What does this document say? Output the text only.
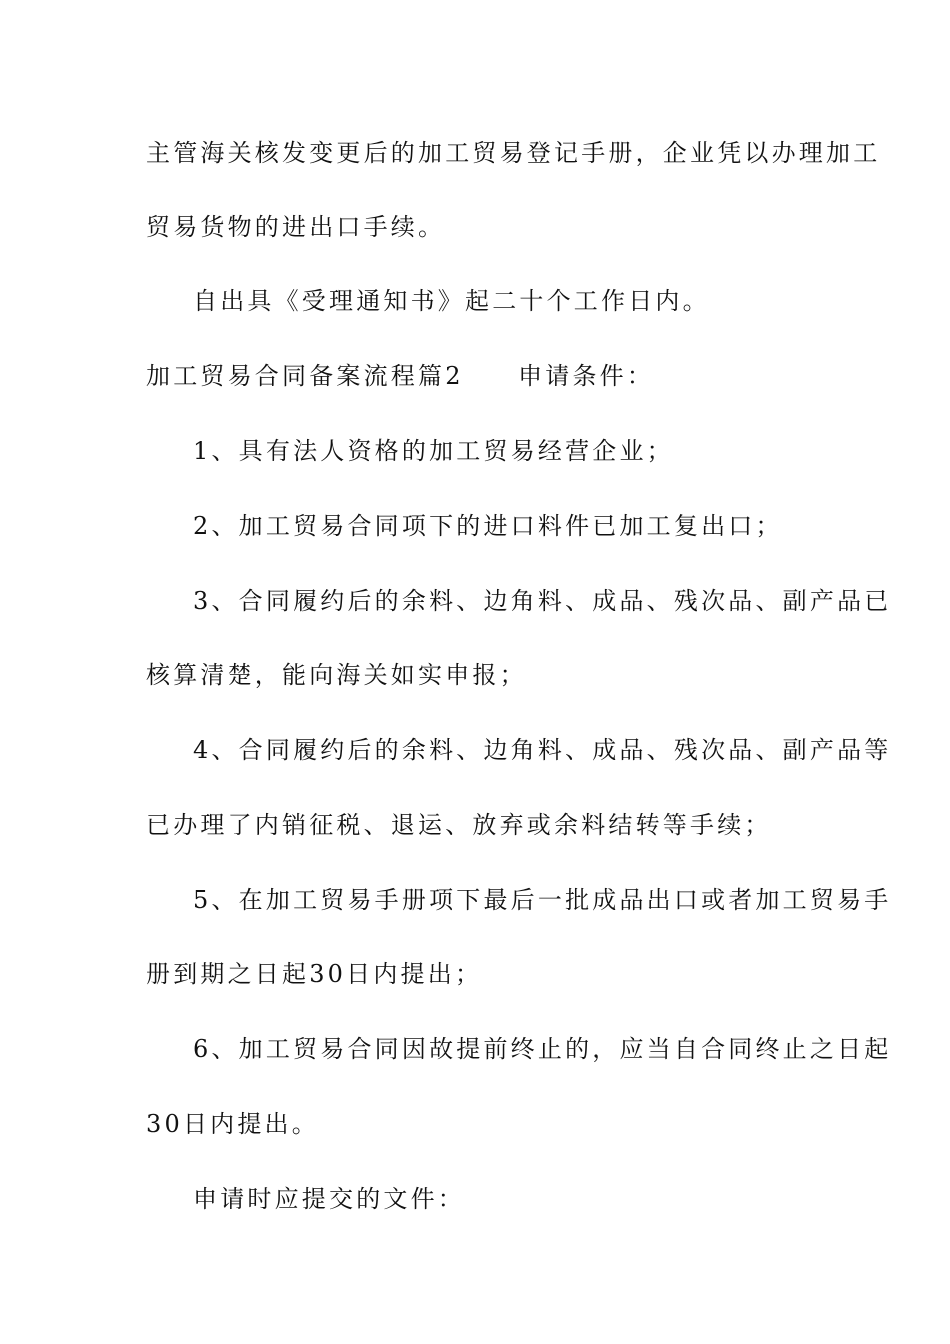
主管海关核发变更后的加工贸易登记手册，企业凭以办理加工
贸易货物的进出口手续。
自出具《受理通知书》起二十个工作日内。
加工贸易合同备案流程篇2　　申请条件：
1、具有法人资格的加工贸易经营企业；
2、加工贸易合同项下的进口料件已加工复出口；
3、合同履约后的余料、边角料、成品、残次品、副产品已
核算清楚，能向海关如实申报；
4、合同履约后的余料、边角料、成品、残次品、副产品等
已办理了内销征税、退运、放弃或余料结转等手续；
5、在加工贸易手册项下最后一批成品出口或者加工贸易手
册到期之日起30日内提出；
6、加工贸易合同因故提前终止的，应当自合同终止之日起
30日内提出。
申请时应提交的文件：
